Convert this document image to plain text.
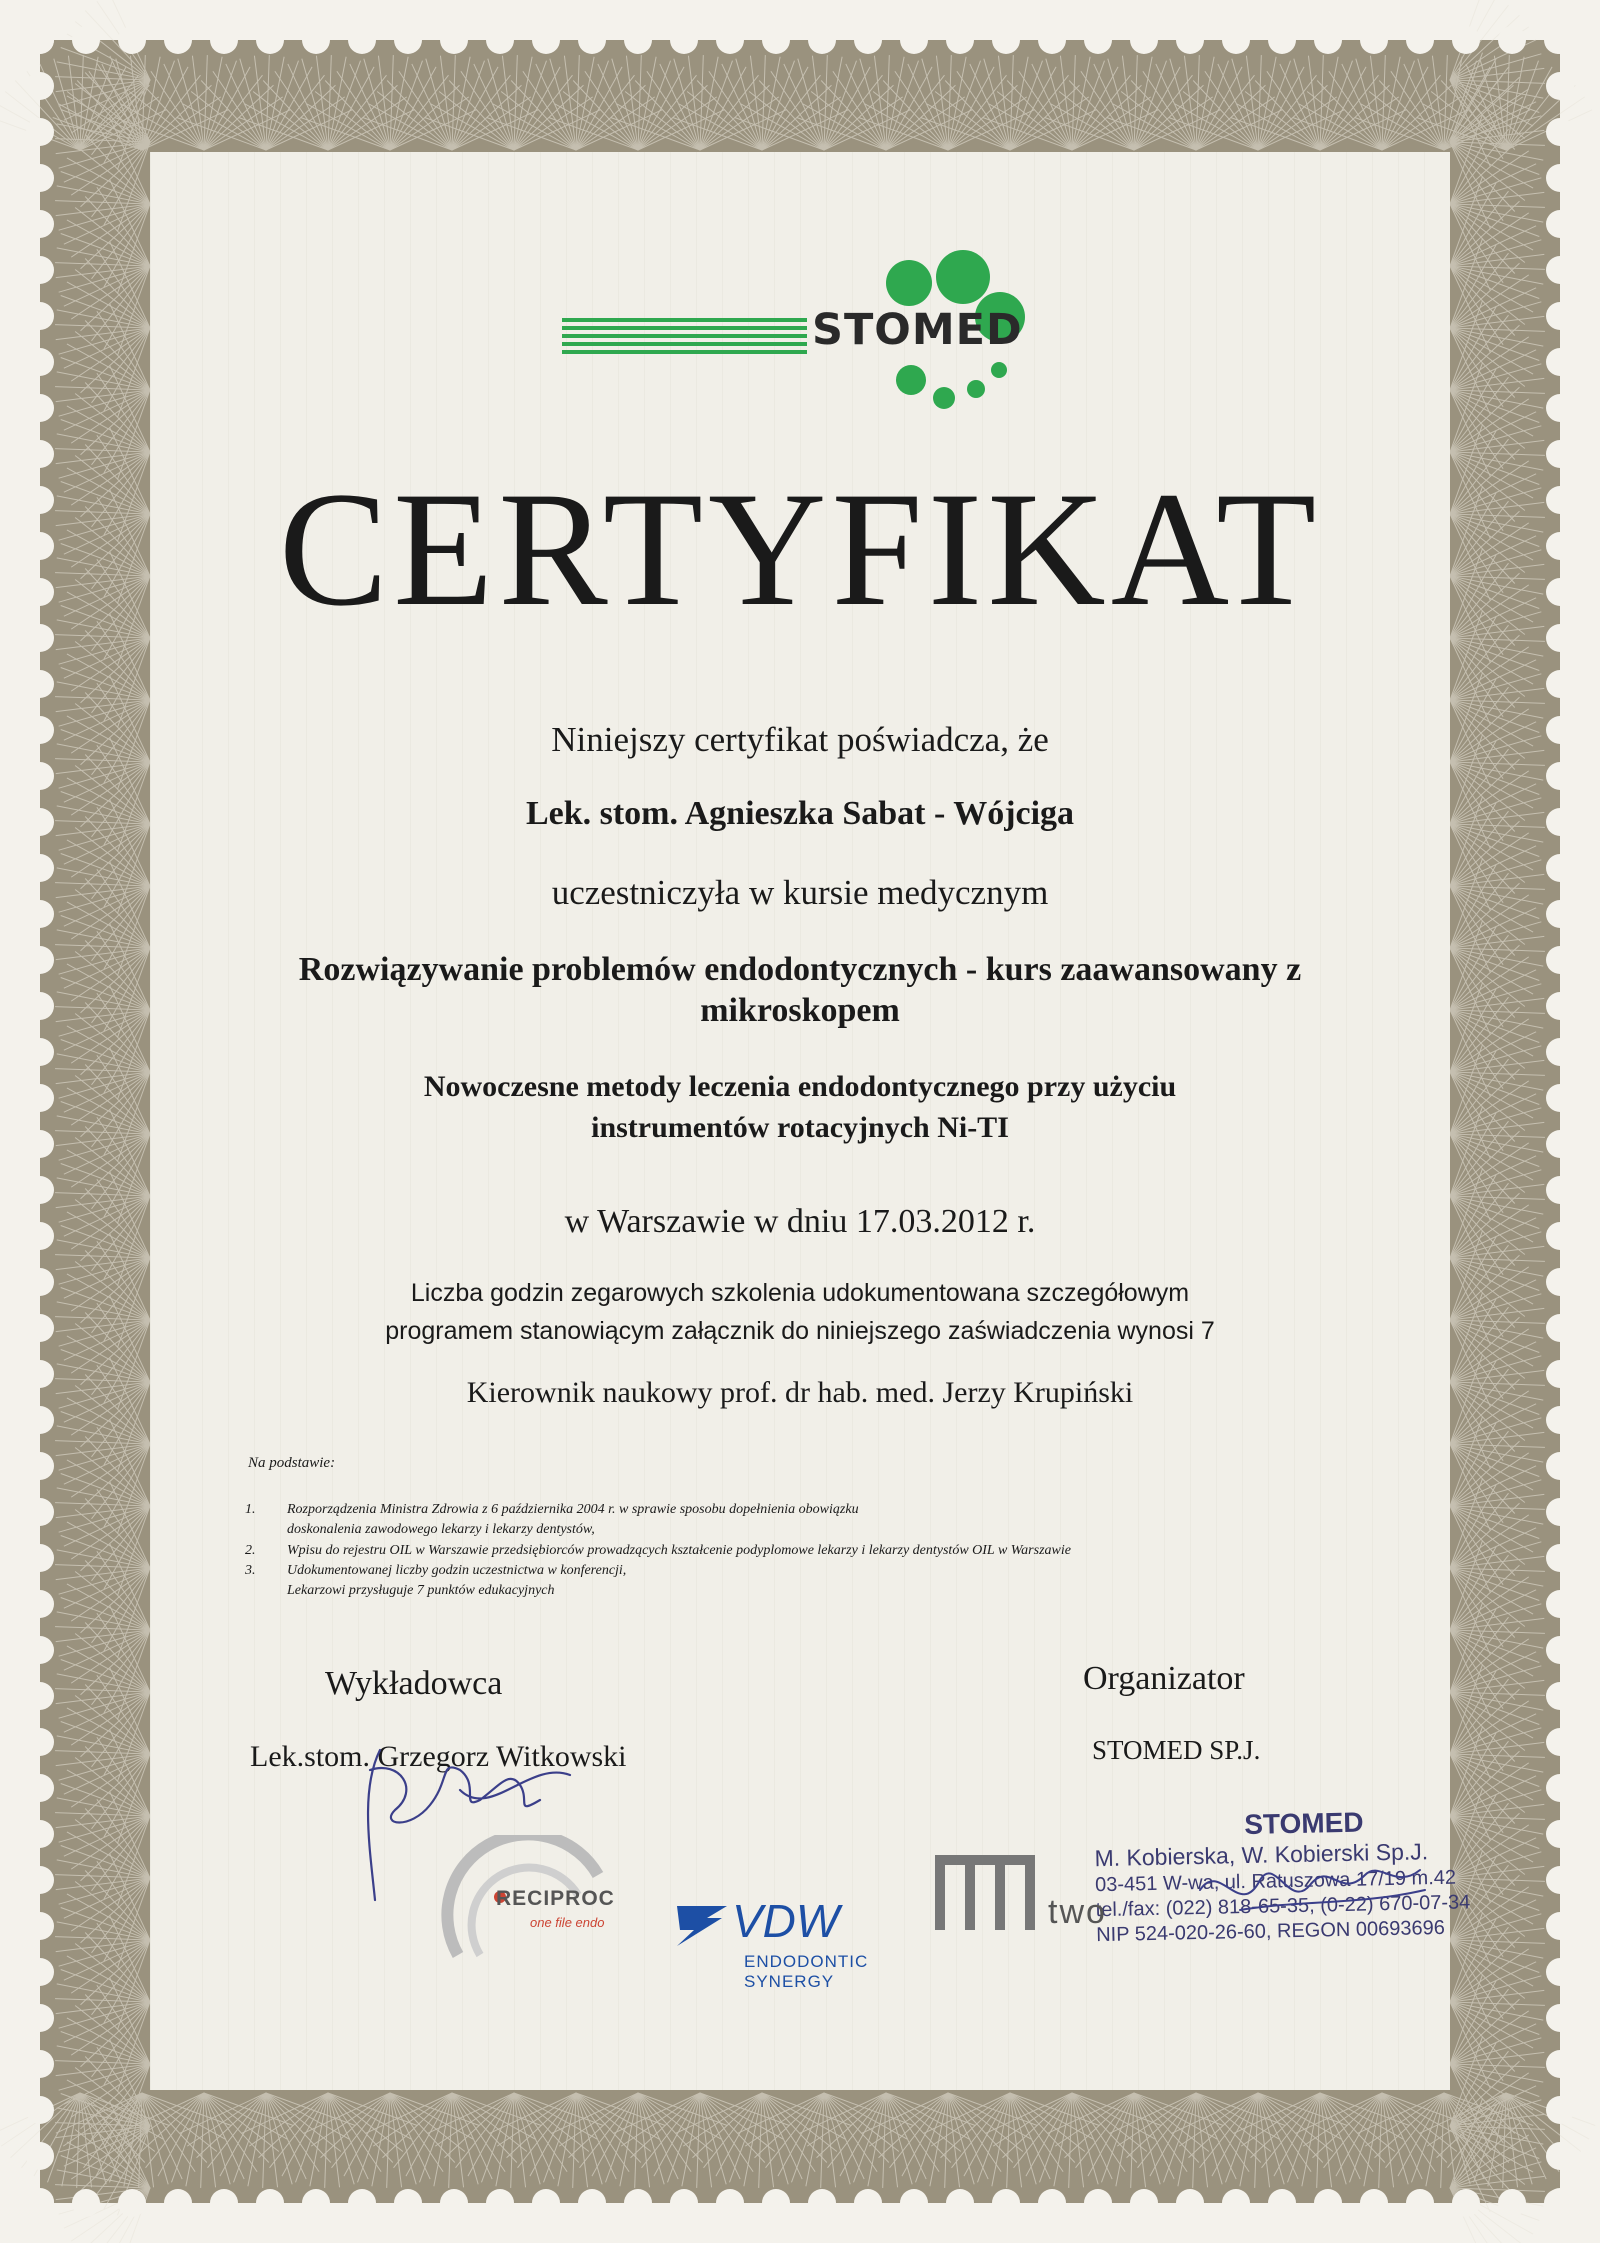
STOMED
CERTYFIKAT
Niniejszy certyfikat poświadcza, że
Lek. stom. Agnieszka Sabat - Wójciga
uczestniczyła w kursie medycznym
Rozwiązywanie problemów endodontycznych - kurs zaawansowany z
mikroskopem
Nowoczesne metody leczenia endodontycznego przy użyciu
instrumentów rotacyjnych Ni-TI
w Warszawie w dniu 17.03.2012 r.
Liczba godzin zegarowych szkolenia udokumentowana szczegółowym
programem stanowiącym załącznik do niniejszego zaświadczenia wynosi 7
Kierownik naukowy prof. dr hab. med. Jerzy Krupiński
Na podstawie:
1.	Rozporządzenia Ministra Zdrowia z 6 października 2004 r. w sprawie sposobu dopełnienia obowiązku
doskonalenia zawodowego lekarzy i lekarzy dentystów,
2.	Wpisu do rejestru OIL w Warszawie przedsiębiorców prowadzących kształcenie podyplomowe lekarzy i lekarzy dentystów OIL w Warszawie
3.	Udokumentowanej liczby godzin uczestnictwa w konferencji,
Lekarzowi przysługuje 7 punktów edukacyjnych
Wykładowca
Lek.stom. Grzegorz Witkowski
Organizator
STOMED SP.J.
STOMED
M. Kobierska, W. Kobierski Sp.J.
03-451 W-wa, ul. Ratuszowa 17/19 m.42
tel./fax: (022) 818-65-35, (0-22) 670-07-34
NIP 524-020-26-60, REGON 00693696
RECIPROC
one file endo	VDW
ENDODONTIC SYNERGY
two
